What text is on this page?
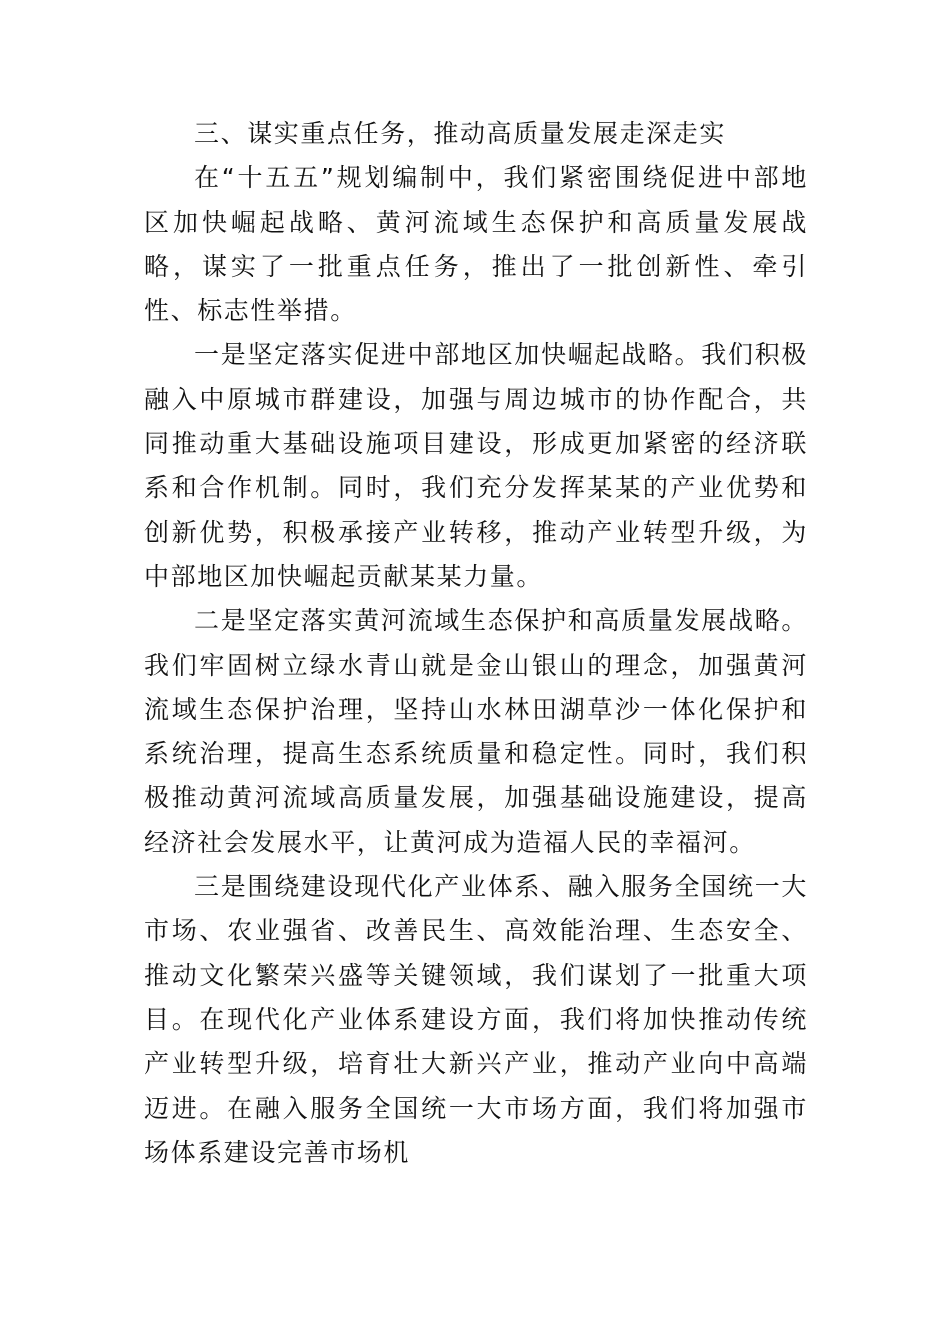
三、谋实重点任务，推动高质量发展走深走实

在“十五五”规划编制中，我们紧密围绕促进中部地区加快崛起战略、黄河流域生态保护和高质量发展战略，谋实了一批重点任务，推出了一批创新性、牵引性、标志性举措。

一是坚定落实促进中部地区加快崛起战略。我们积极融入中原城市群建设，加强与周边城市的协作配合，共同推动重大基础设施项目建设，形成更加紧密的经济联系和合作机制。同时，我们充分发挥某某的产业优势和创新优势，积极承接产业转移，推动产业转型升级，为中部地区加快崛起贡献某某力量。

二是坚定落实黄河流域生态保护和高质量发展战略。我们牢固树立绿水青山就是金山银山的理念，加强黄河流域生态保护治理，坚持山水林田湖草沙一体化保护和系统治理，提高生态系统质量和稳定性。同时，我们积极推动黄河流域高质量发展，加强基础设施建设，提高经济社会发展水平，让黄河成为造福人民的幸福河。

三是围绕建设现代化产业体系、融入服务全国统一大市场、农业强省、改善民生、高效能治理、生态安全、推动文化繁荣兴盛等关键领域，我们谋划了一批重大项目。在现代化产业体系建设方面，我们将加快推动传统产业转型升级，培育壮大新兴产业，推动产业向中高端迈进。在融入服务全国统一大市场方面，我们将加强市场体系建设完善市场机
